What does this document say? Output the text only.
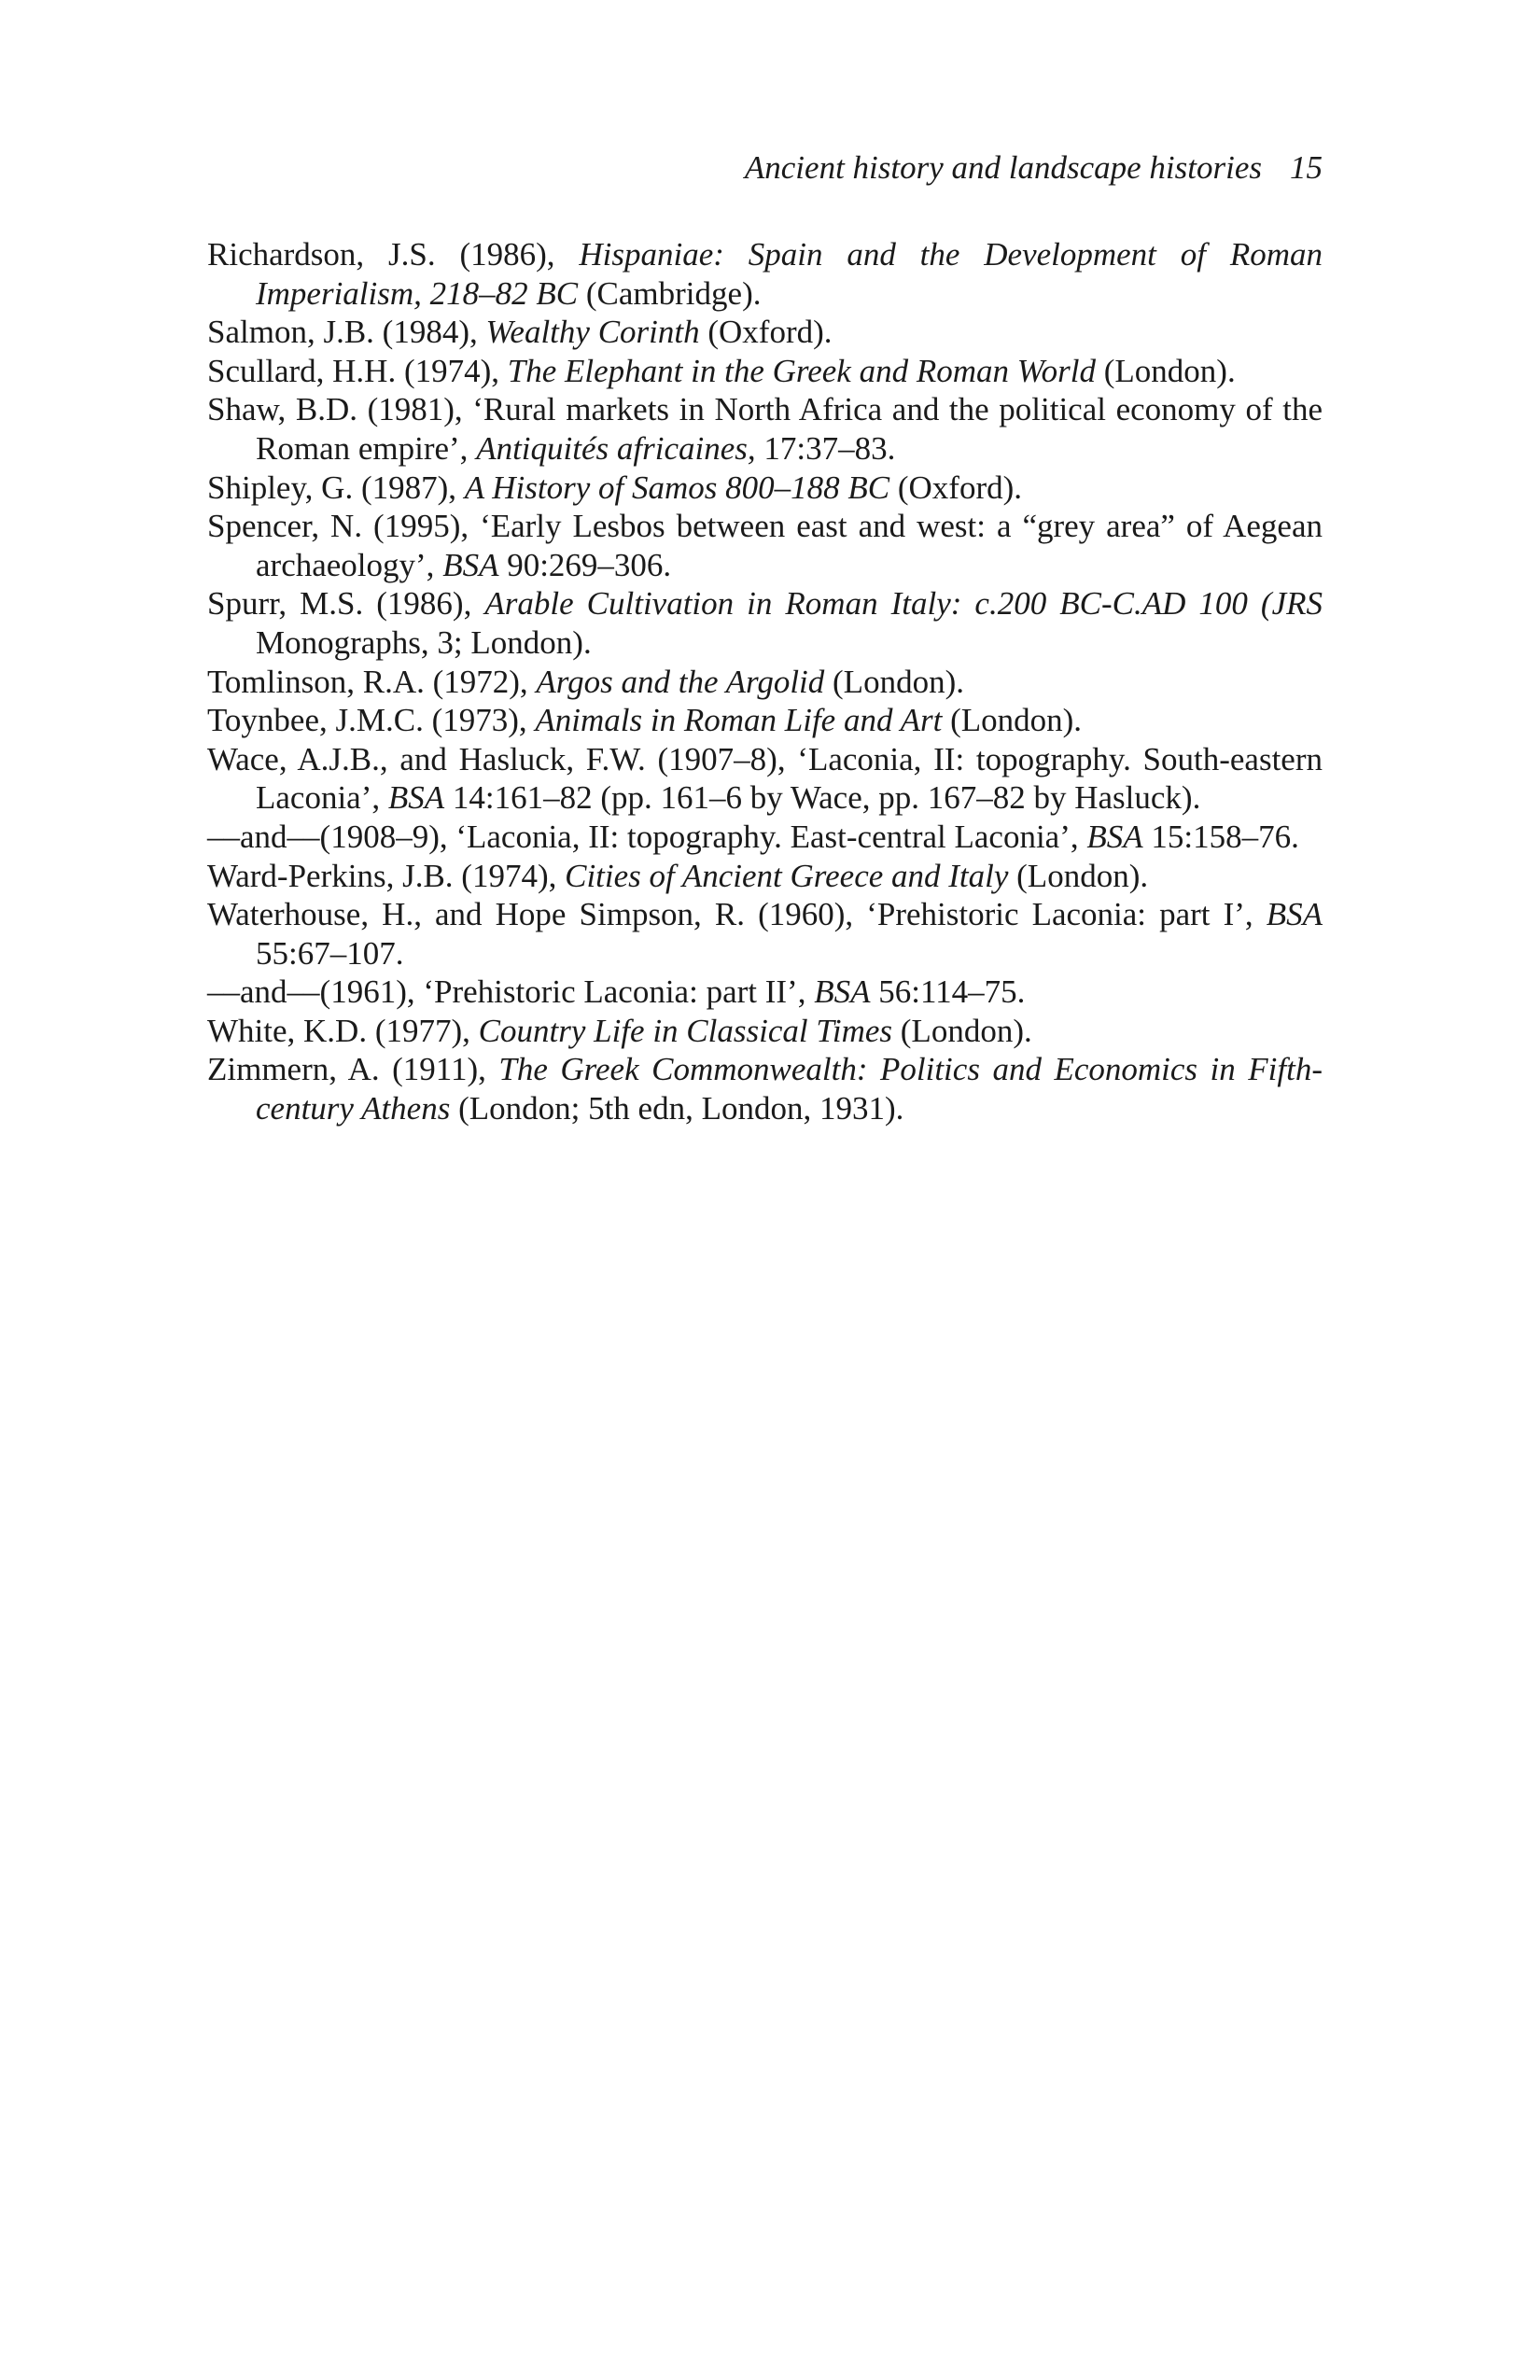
Ancient history and landscape histories 15
Richardson, J.S. (1986), Hispaniae: Spain and the Development of Roman Imperialism, 218–82 BC (Cambridge).
Salmon, J.B. (1984), Wealthy Corinth (Oxford).
Scullard, H.H. (1974), The Elephant in the Greek and Roman World (London).
Shaw, B.D. (1981), ‘Rural markets in North Africa and the political economy of the Roman empire’, Antiquités africaines, 17:37–83.
Shipley, G. (1987), A History of Samos 800–188 BC (Oxford).
Spencer, N. (1995), ‘Early Lesbos between east and west: a “grey area” of Aegean archaeology’, BSA 90:269–306.
Spurr, M.S. (1986), Arable Cultivation in Roman Italy: c.200 BC-C.AD 100 (JRS Monographs, 3; London).
Tomlinson, R.A. (1972), Argos and the Argolid (London).
Toynbee, J.M.C. (1973), Animals in Roman Life and Art (London).
Wace, A.J.B., and Hasluck, F.W. (1907–8), ‘Laconia, II: topography. South-eastern Laconia’, BSA 14:161–82 (pp. 161–6 by Wace, pp. 167–82 by Hasluck).
––and––(1908–9), ‘Laconia, II: topography. East-central Laconia’, BSA 15:158–76.
Ward-Perkins, J.B. (1974), Cities of Ancient Greece and Italy (London).
Waterhouse, H., and Hope Simpson, R. (1960), ‘Prehistoric Laconia: part I’, BSA 55:67–107.
––and––(1961), ‘Prehistoric Laconia: part II’, BSA 56:114–75.
White, K.D. (1977), Country Life in Classical Times (London).
Zimmern, A. (1911), The Greek Commonwealth: Politics and Economics in Fifth-century Athens (London; 5th edn, London, 1931).
